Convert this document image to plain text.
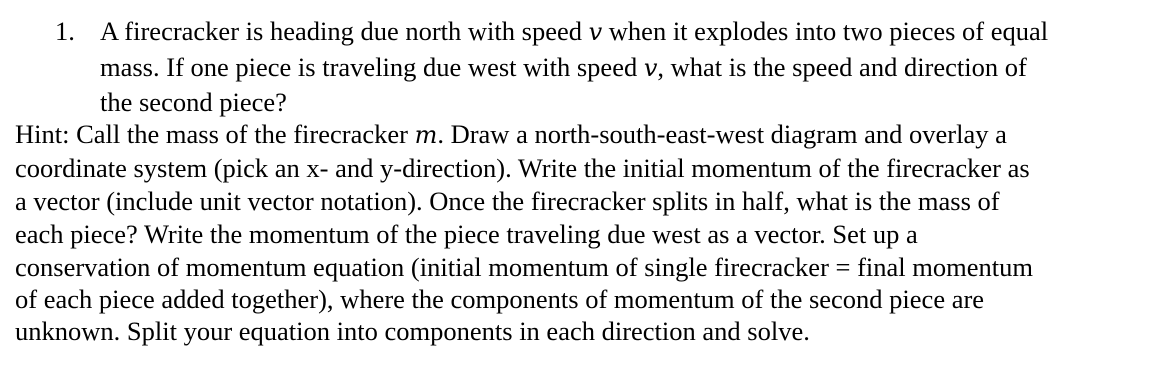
1. A firecracker is heading due north with speed v when it explodes into two pieces of equal
mass. If one piece is traveling due west with speed v, what is the speed and direction of
the second piece?
Hint: Call the mass of the firecracker m. Draw a north-south-east-west diagram and overlay a
coordinate system (pick an x- and y-direction). Write the initial momentum of the firecracker as
a vector (include unit vector notation). Once the firecracker splits in half, what is the mass of
each piece? Write the momentum of the piece traveling due west as a vector. Set up a
conservation of momentum equation (initial momentum of single firecracker = final momentum
of each piece added together), where the components of momentum of the second piece are
unknown. Split your equation into components in each direction and solve.
